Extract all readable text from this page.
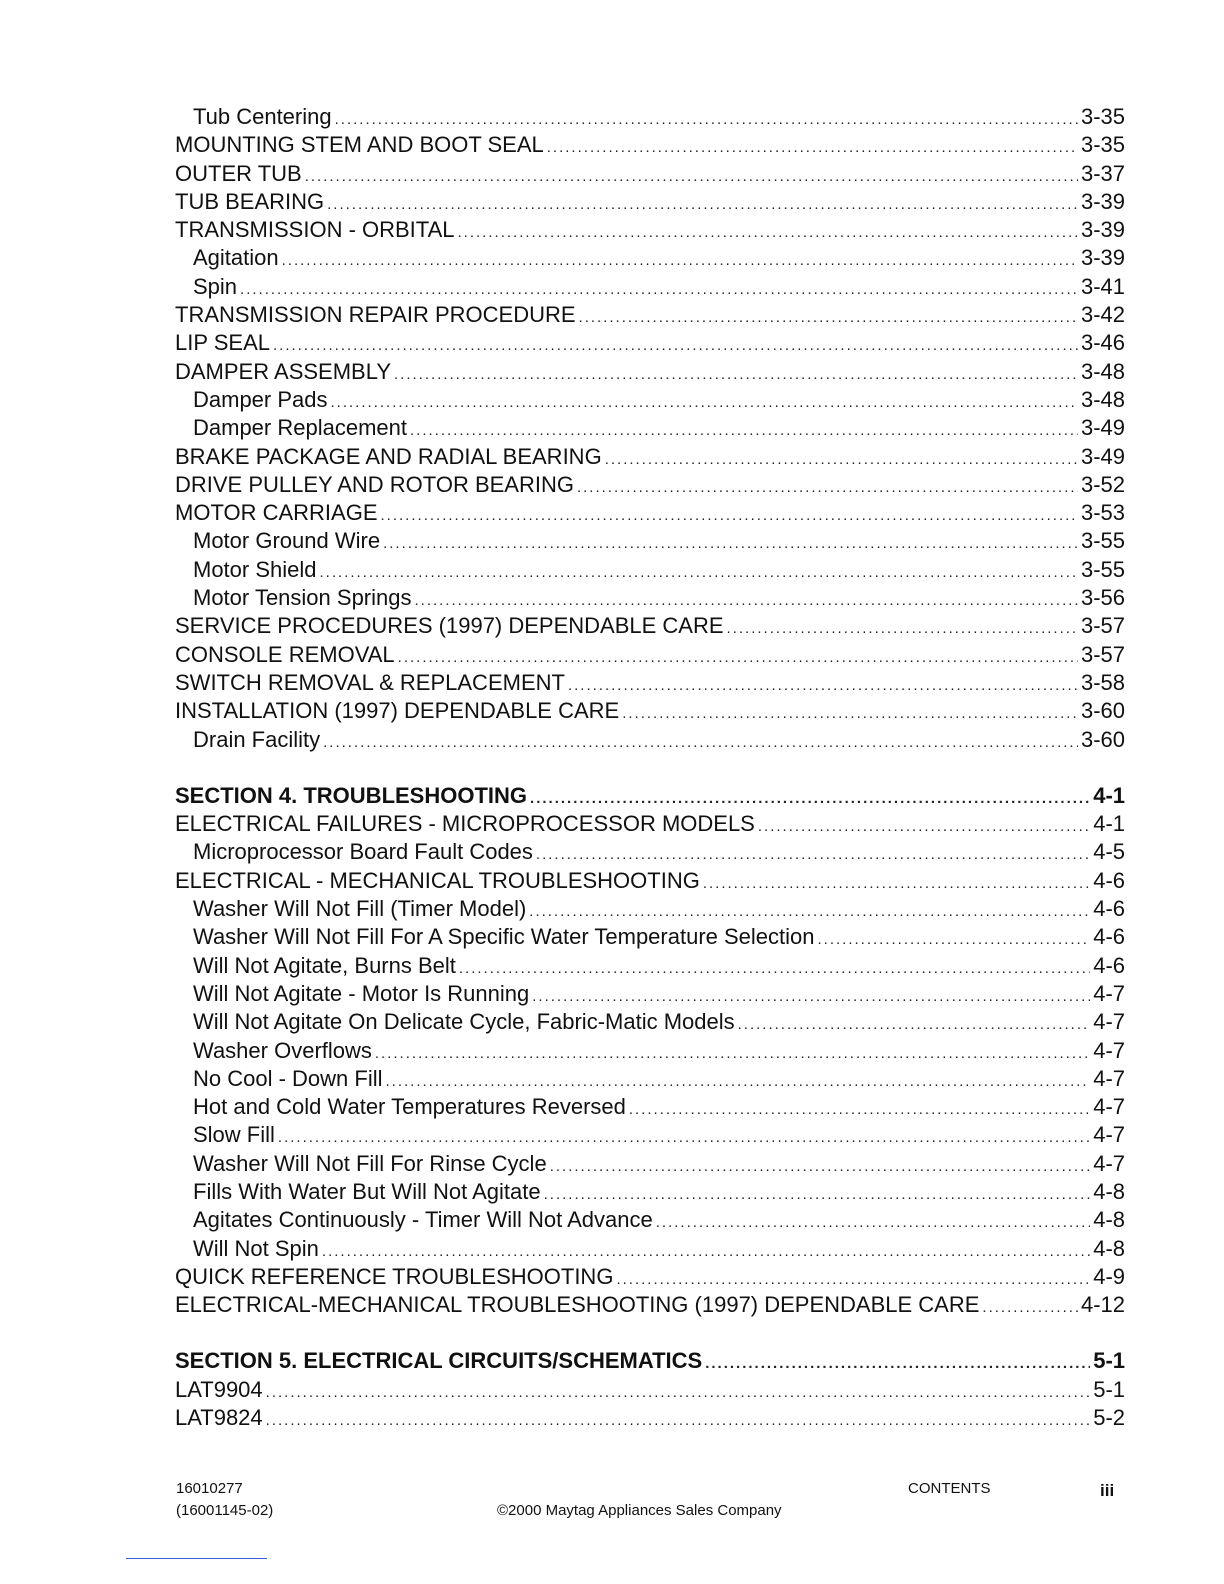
Tub Centering .....	3-35
MOUNTING STEM AND BOOT SEAL .....	3-35
OUTER TUB .....	3-37
TUB BEARING .....	3-39
TRANSMISSION - ORBITAL .....	3-39
Agitation .....	3-39
Spin .....	3-41
TRANSMISSION REPAIR PROCEDURE .....	3-42
LIP SEAL .....	3-46
DAMPER ASSEMBLY .....	3-48
Damper Pads .....	3-48
Damper Replacement .....	3-49
BRAKE PACKAGE AND RADIAL BEARING .....	3-49
DRIVE PULLEY AND ROTOR BEARING .....	3-52
MOTOR CARRIAGE .....	3-53
Motor Ground Wire .....	3-55
Motor Shield .....	3-55
Motor Tension Springs .....	3-56
SERVICE PROCEDURES (1997) DEPENDABLE CARE .....	3-57
CONSOLE REMOVAL .....	3-57
SWITCH REMOVAL & REPLACEMENT .....	3-58
INSTALLATION (1997) DEPENDABLE CARE .....	3-60
Drain Facility .....	3-60
SECTION 4. TROUBLESHOOTING .....	4-1
ELECTRICAL FAILURES - MICROPROCESSOR MODELS .....	4-1
Microprocessor Board Fault Codes .....	4-5
ELECTRICAL - MECHANICAL TROUBLESHOOTING .....	4-6
Washer Will Not Fill (Timer Model) .....	4-6
Washer Will Not Fill For A Specific Water Temperature Selection .....	4-6
Will Not Agitate, Burns Belt .....	4-6
Will Not Agitate - Motor Is Running .....	4-7
Will Not Agitate On Delicate Cycle, Fabric-Matic Models .....	4-7
Washer Overflows .....	4-7
No Cool - Down Fill .....	4-7
Hot and Cold Water Temperatures Reversed .....	4-7
Slow Fill .....	4-7
Washer Will Not Fill For Rinse Cycle .....	4-7
Fills With Water But Will Not Agitate .....	4-8
Agitates Continuously - Timer Will Not Advance .....	4-8
Will Not Spin .....	4-8
QUICK REFERENCE TROUBLESHOOTING .....	4-9
ELECTRICAL-MECHANICAL TROUBLESHOOTING (1997) DEPENDABLE CARE .....	4-12
SECTION 5. ELECTRICAL CIRCUITS/SCHEMATICS .....	5-1
LAT9904 .....	5-1
LAT9824 .....	5-2
16010277
(16001145-02)	©2000 Maytag Appliances Sales Company
CONTENTS	iii
